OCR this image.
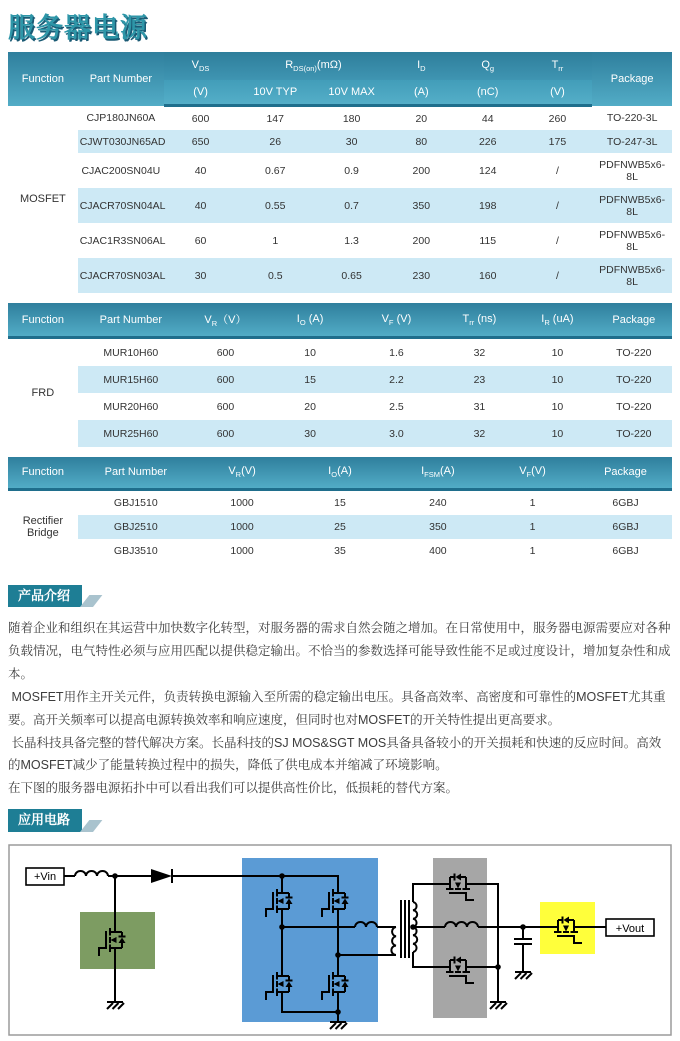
服务器电源
Function	Part Number	$V_{DS}$	$R_{DS(on)}(m\Omega)$		$I_D$	$Q_g$	$T_{rr}$	Package
		(V)	10V TYP	10V MAX	(A)	(nC)	(V)	
MOSFET	CJP180JN60A	600	147	180	20	44	260	TO-220-3L
	CJWT030JN65AD	650	26	30	80	226	175	TO-247-3L
	CJAC200SN04U	40	0.67	0.9	200	124	/	PDFNWB5x6-8L
	CJACR70SN04AL	40	0.55	0.7	350	198	/	PDFNWB5x6-8L
	CJAC1R3SN06AL	60	1	1.3	200	115	/	PDFNWB5x6-8L
	CJACR70SN03AL	30	0.5	0.65	230	160	/	PDFNWB5x6-8L
Function	Part Number	$V_R(V)$	$I_O$ (A)	$V_F$ (V)	$T_{rr}$ (ns)	$I_R$ (uA)	Package
FRD	MUR10H60	600	10	1.6	32	10	TO-220
	MUR15H60	600	15	2.2	23	10	TO-220
	MUR20H60	600	20	2.5	31	10	TO-220
	MUR25H60	600	30	3.0	32	10	TO-220
Function	Part Number	$V_R(V)$	$I_O(A)$	$I_{FSM}(A)$	$V_F(V)$	Package
Rectifier Bridge	GBJ1510	1000	15	240	1	6GBJ
	GBJ2510	1000	25	350	1	6GBJ
	GBJ3510	1000	35	400	1	6GBJ
产品介绍

随着企业和组织在其运营中加快数字化转型，对服务器的需求自然会随之增加。在日常使用中，服务器电源需要应对各种负载情况，电气特性必须与应用匹配以提供稳定输出。不恰当的参数选择可能导致性能不足或过度设计，增加复杂性和成本。

MOSFET用作主开关元件，负责转换电源输入至所需的稳定输出电压。具备高效率、高密度和可靠性的MOSFET尤其重要。高开关频率可以提高电源转换效率和响应速度，但同时也对MOSFET的开关特性提出更高要求。

长晶科技具备完整的替代解决方案。长晶科技的SJ MOS&SGT MOS具备具备较小的开关损耗和快速的反应时间。高效的MOSFET减少了能量转换过程中的损失，降低了供电成本并缩减了环境影响。

在下图的服务器电源拓扑中可以看出我们可以提供高性价比，低损耗的替代方案。

应用电路
+Vin
+Vout
